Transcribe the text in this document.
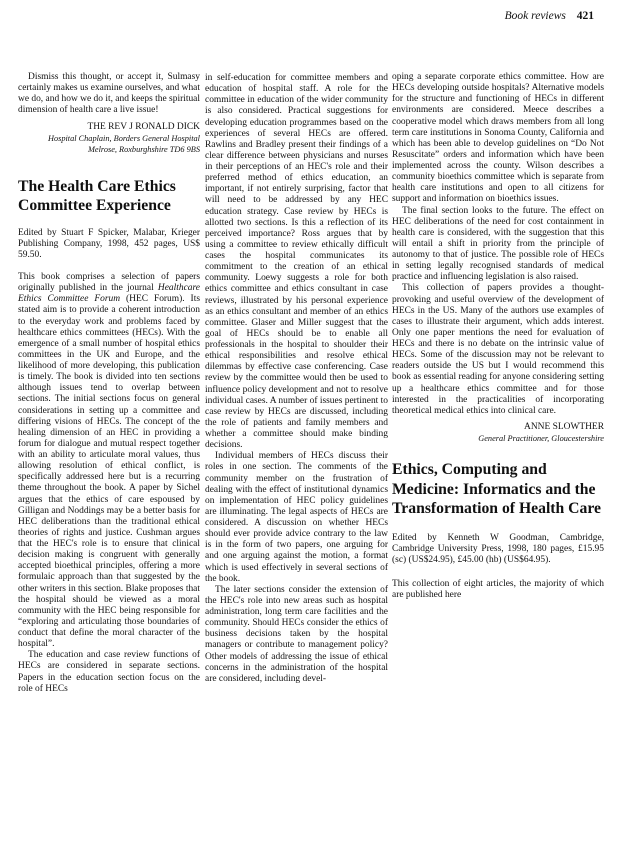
Book reviews 421

Dismiss this thought, or accept it, Sulmasy certainly makes us examine ourselves, and what we do, and how we do it, and keeps the spiritual dimension of health care a live issue!

THE REV J RONALD DICK
Hospital Chaplain, Borders General Hospital
Melrose, Roxburghshire TD6 9BS
The Health Care Ethics Committee Experience

Edited by Stuart F Spicker, Malabar, Krieger Publishing Company, 1998, 452 pages, US$ 59.50.

This book comprises a selection of papers originally published in the journal Healthcare Ethics Committee Forum (HEC Forum). Its stated aim is to provide a coherent introduction to the everyday work and problems faced by healthcare ethics committees (HECs). With the emergence of a small number of hospital ethics committees in the UK and Europe, and the likelihood of more developing, this publication is timely. The book is divided into ten sections although issues tend to overlap between sections. The initial sections focus on general considerations in setting up a committee and differing visions of HECs. The concept of the healing dimension of an HEC in providing a forum for dialogue and mutual respect together with an ability to articulate moral values, thus allowing resolution of ethical conflict, is specifically addressed here but is a recurring theme throughout the book. A paper by Sichel argues that the ethics of care espoused by Gilligan and Noddings may be a better basis for HEC deliberations than the traditional ethical theories of rights and justice. Cushman argues that the HEC's role is to ensure that clinical decision making is congruent with generally accepted bioethical principles, offering a more formulaic approach than that suggested by the other writers in this section. Blake proposes that the hospital should be viewed as a moral community with the HEC being responsible for “exploring and articulating those boundaries of conduct that define the moral character of the hospital”.

The education and case review functions of HECs are considered in separate sections. Papers in the education section focus on the role of HECs

in self-education for committee members and education of hospital staff. A role for the committee in education of the wider community is also considered. Practical suggestions for developing education programmes based on the experiences of several HECs are offered. Rawlins and Bradley present their findings of a clear difference between physicians and nurses in their perceptions of an HEC's role and their preferred method of ethics education, an important, if not entirely surprising, factor that will need to be addressed by any HEC education strategy. Case review by HECs is allotted two sections. Is this a reflection of its perceived importance? Ross argues that by using a committee to review ethically difficult cases the hospital communicates its commitment to the creation of an ethical community. Loewy suggests a role for both ethics committee and ethics consultant in case reviews, illustrated by his personal experience as an ethics consultant and member of an ethics committee. Glaser and Miller suggest that the goal of HECs should be to enable all professionals in the hospital to shoulder their ethical responsibilities and resolve ethical dilemmas by effective case conferencing. Case review by the committee would then be used to influence policy development and not to resolve individual cases. A number of issues pertinent to case review by HECs are discussed, including the role of patients and family members and whether a committee should make binding decisions.

Individual members of HECs discuss their roles in one section. The comments of the community member on the frustration of dealing with the effect of institutional dynamics on implementation of HEC policy guidelines are illuminating. The legal aspects of HECs are considered. A discussion on whether HECs should ever provide advice contrary to the law is in the form of two papers, one arguing for and one arguing against the motion, a format which is used effectively in several sections of the book.

The later sections consider the extension of the HEC's role into new areas such as hospital administration, long term care facilities and the community. Should HECs consider the ethics of business decisions taken by the hospital managers or contribute to management policy? Other models of addressing the issue of ethical concerns in the administration of the hospital are considered, including devel-

oping a separate corporate ethics committee. How are HECs developing outside hospitals? Alternative models for the structure and functioning of HECs in different environments are considered. Meece describes a cooperative model which draws members from all long term care institutions in Sonoma County, California and which has been able to develop guidelines on “Do Not Resuscitate” orders and information which have been implemented across the county. Wilson describes a community bioethics committee which is separate from health care institutions and open to all citizens for support and information on bioethics issues.

The final section looks to the future. The effect on HEC deliberations of the need for cost containment in health care is considered, with the suggestion that this will entail a shift in priority from the principle of autonomy to that of justice. The possible role of HECs in setting legally recognised standards of medical practice and influencing legislation is also raised.

This collection of papers provides a thought-provoking and useful overview of the development of HECs in the US. Many of the authors use examples of cases to illustrate their argument, which adds interest. Only one paper mentions the need for evaluation of HECs and there is no debate on the intrinsic value of HECs. Some of the discussion may not be relevant to readers outside the US but I would recommend this book as essential reading for anyone considering setting up a healthcare ethics committee and for those interested in the practicalities of incorporating theoretical medical ethics into clinical care.

ANNE SLOWTHER
General Practitioner, Gloucestershire
Ethics, Computing and Medicine: Informatics and the Transformation of Health Care

Edited by Kenneth W Goodman, Cambridge, Cambridge University Press, 1998, 180 pages, £15.95 (sc) (US$24.95), £45.00 (hb) (US$64.95).

This collection of eight articles, the majority of which are published here
